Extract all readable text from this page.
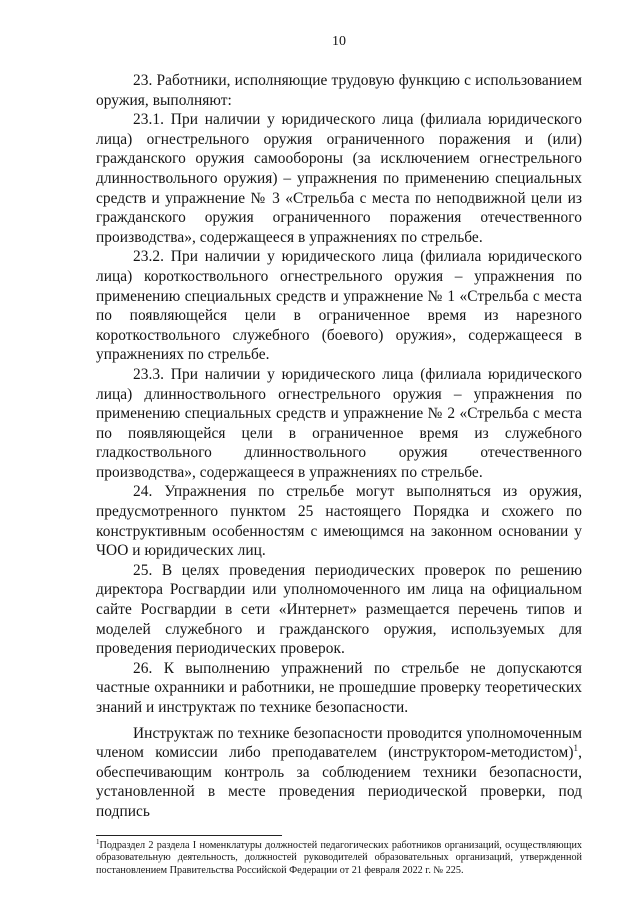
10

23. Работники, исполняющие трудовую функцию с использованием оружия, выполняют:

23.1. При наличии у юридического лица (филиала юридического лица) огнестрельного оружия ограниченного поражения и (или) гражданского оружия самообороны (за исключением огнестрельного длинноствольного оружия) – упражнения по применению специальных средств и упражнение № 3 «Стрельба с места по неподвижной цели из гражданского оружия ограниченного поражения отечественного производства», содержащееся в упражнениях по стрельбе.

23.2. При наличии у юридического лица (филиала юридического лица) короткоствольного огнестрельного оружия – упражнения по применению специальных средств и упражнение № 1 «Стрельба с места по появляющейся цели в ограниченное время из нарезного короткоствольного служебного (боевого) оружия», содержащееся в упражнениях по стрельбе.

23.3. При наличии у юридического лица (филиала юридического лица) длинноствольного огнестрельного оружия – упражнения по применению специальных средств и упражнение № 2 «Стрельба с места по появляющейся цели в ограниченное время из служебного гладкоствольного длинноствольного оружия отечественного производства», содержащееся в упражнениях по стрельбе.

24. Упражнения по стрельбе могут выполняться из оружия, предусмотренного пунктом 25 настоящего Порядка и схожего по конструктивным особенностям с имеющимся на законном основании у ЧОО и юридических лиц.

25. В целях проведения периодических проверок по решению директора Росгвардии или уполномоченного им лица на официальном сайте Росгвардии в сети «Интернет» размещается перечень типов и моделей служебного и гражданского оружия, используемых для проведения периодических проверок.

26. К выполнению упражнений по стрельбе не допускаются частные охранники и работники, не прошедшие проверку теоретических знаний и инструктаж по технике безопасности.

Инструктаж по технике безопасности проводится уполномоченным членом комиссии либо преподавателем (инструктором-методистом)$^1$, обеспечивающим контроль за соблюдением техники безопасности, установленной в месте проведения периодической проверки, под подпись

$^1$Подраздел 2 раздела I номенклатуры должностей педагогических работников организаций, осуществляющих образовательную деятельность, должностей руководителей образовательных организаций, утвержденной постановлением Правительства Российской Федерации от 21 февраля 2022 г. № 225.
